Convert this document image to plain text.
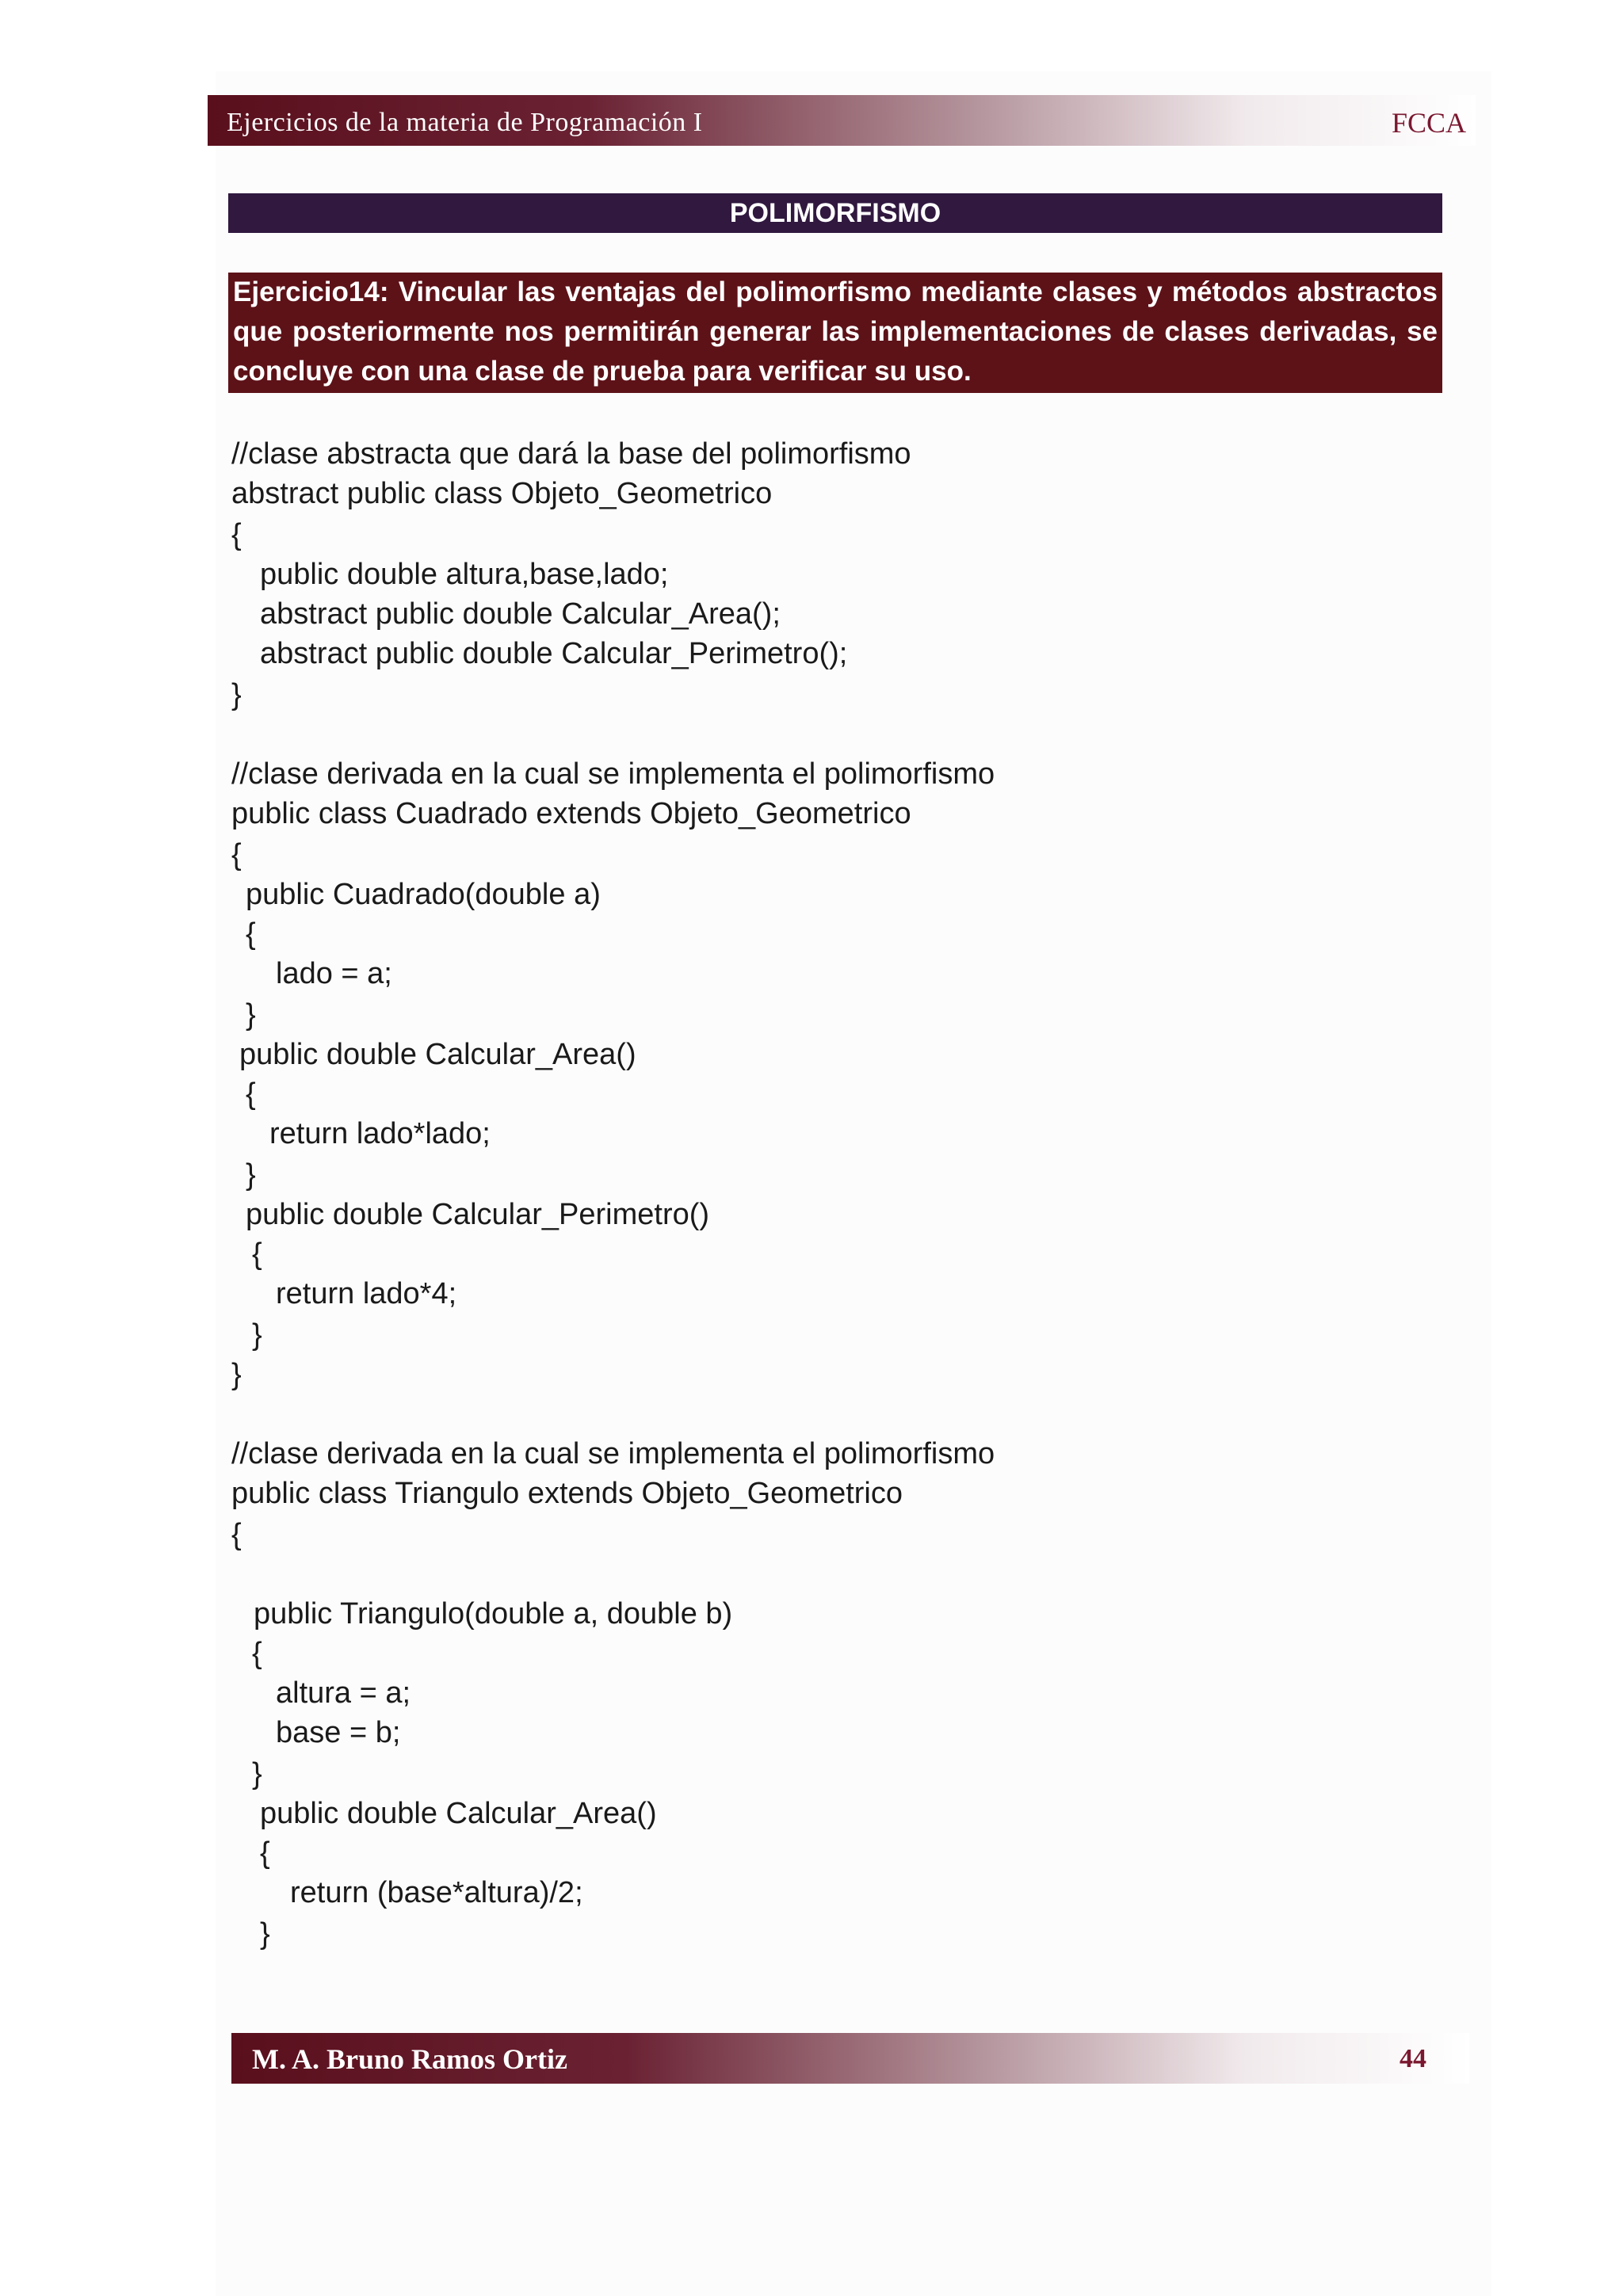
Ejercicios de la materia de Programación I	FCCA
POLIMORFISMO
Ejercicio14: Vincular las ventajas del polimorfismo mediante clases y métodos abstractos que posteriormente nos permitirán generar las implementaciones de clases derivadas, se concluye con una clase de prueba para verificar su uso.
//clase abstracta que dará la base del polimorfismo
abstract public class Objeto_Geometrico
{
public double altura,base,lado;
abstract public double Calcular_Area();
abstract public double Calcular_Perimetro();
}
//clase derivada en la cual se implementa el polimorfismo
public class Cuadrado extends Objeto_Geometrico
{
public Cuadrado(double a)
{
lado = a;
}
public double Calcular_Area()
{
return lado*lado;
}
public double Calcular_Perimetro()
{
return lado*4;
}
}
//clase derivada en la cual se implementa el polimorfismo
public class Triangulo extends Objeto_Geometrico
{
public Triangulo(double a, double b)
{
altura = a;
base = b;
}
public double Calcular_Area()
{
return (base*altura)/2;
}
M. A. Bruno Ramos Ortiz	44
